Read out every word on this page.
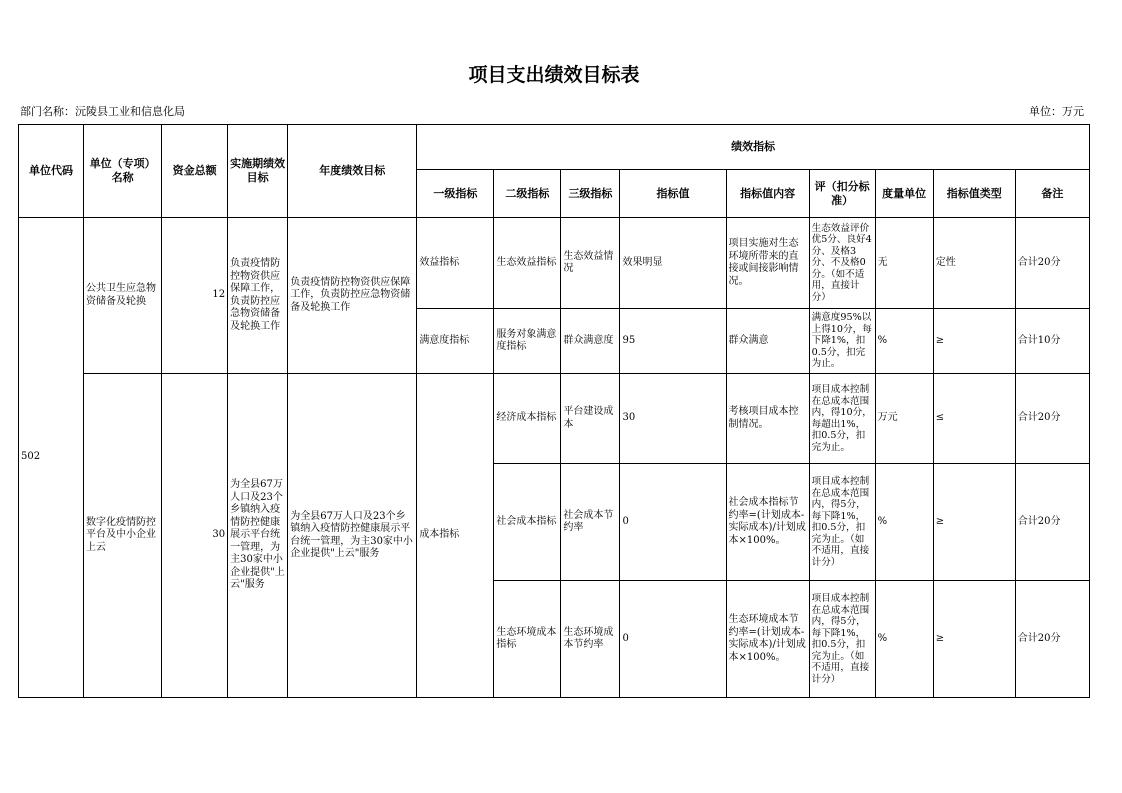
项目支出绩效目标表
部门名称：沅陵县工业和信息化局	单位：万元
单位代码	单位（专项）名称	资金总额	实施期绩效目标	年度绩效目标	绩效指标								
					一级指标	二级指标	三级指标	指标值	指标值内容	评（扣分标准）	度量单位	指标值类型	备注
502	公共卫生应急物资储备及轮换	12	负责疫情防控物资供应保障工作，负责防控应急物资储备及轮换工作	负责疫情防控物资供应保障工作，负责防控应急物资储备及轮换工作	效益指标	生态效益指标	生态效益情况	效果明显	项目实施对生态环境所带来的直接或间接影响情况。	生态效益评价优5分、良好4分、及格3分、不及格0分。（如不适用，直接计分）	无	定性	合计20分
					满意度指标	服务对象满意度指标	群众满意度	95	群众满意	满意度95%以上得10分，每下降1%，扣0.5分，扣完为止。	%	≥	合计10分
	数字化疫情防控平台及中小企业上云	30	为全县67万人口及23个乡镇纳入疫情防控健康展示平台统一管理，为主30家中小企业提供"上云"服务	为全县67万人口及23个乡镇纳入疫情防控健康展示平台统一管理，为主30家中小企业提供"上云"服务	成本指标	经济成本指标	平台建设成本	30	考核项目成本控制情况。	项目成本控制在总成本范围内，得10分，每超出1%，扣0.5分，扣完为止。	万元	≤	合计20分
						社会成本指标	社会成本节约率	0	社会成本指标节约率=(计划成本-实际成本)/计划成本×100%。	项目成本控制在总成本范围内，得5分，每下降1%，扣0.5分，扣完为止。（如不适用，直接计分）	%	≥	合计20分
						生态环境成本指标	生态环境成本节约率	0	生态环境成本节约率=(计划成本-实际成本)/计划成本×100%。	项目成本控制在总成本范围内，得5分，每下降1%，扣0.5分，扣完为止。（如不适用，直接计分）	%	≥	合计20分
